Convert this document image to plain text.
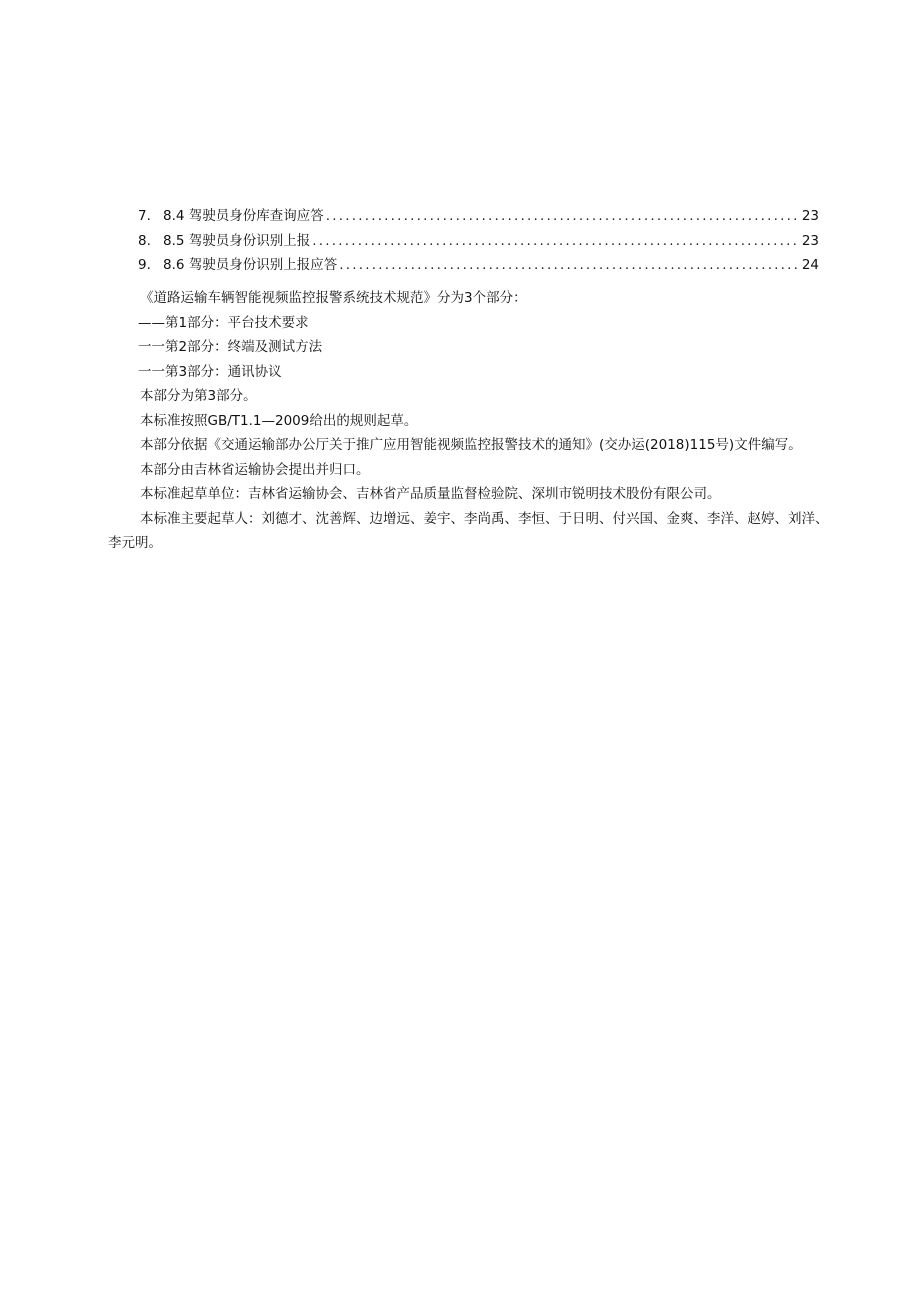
7. 8.4 驾驶员身份库查询应答 .....	23
8. 8.5 驾驶员身份识别上报 .....	23
9. 8.6 驾驶员身份识别上报应答 .....	24

《道路运输车辆智能视频监控报警系统技术规范》分为3个部分：

——第1部分：平台技术要求

一一第2部分：终端及测试方法

一一第3部分：通讯协议

本部分为第3部分。

本标准按照GB/T1.1—2009给出的规则起草。

本部分依据《交通运输部办公厅关于推广应用智能视频监控报警技术的通知》(交办运(2018)115号)文件编写。

本部分由吉林省运输协会提出并归口。

本标准起草单位：吉林省运输协会、吉林省产品质量监督检验院、深圳市锐明技术股份有限公司。

本标准主要起草人：刘德才、沈善辉、边增远、姜宇、李尚禹、李恒、于日明、付兴国、金爽、李洋、赵婷、刘洋、李元明。
